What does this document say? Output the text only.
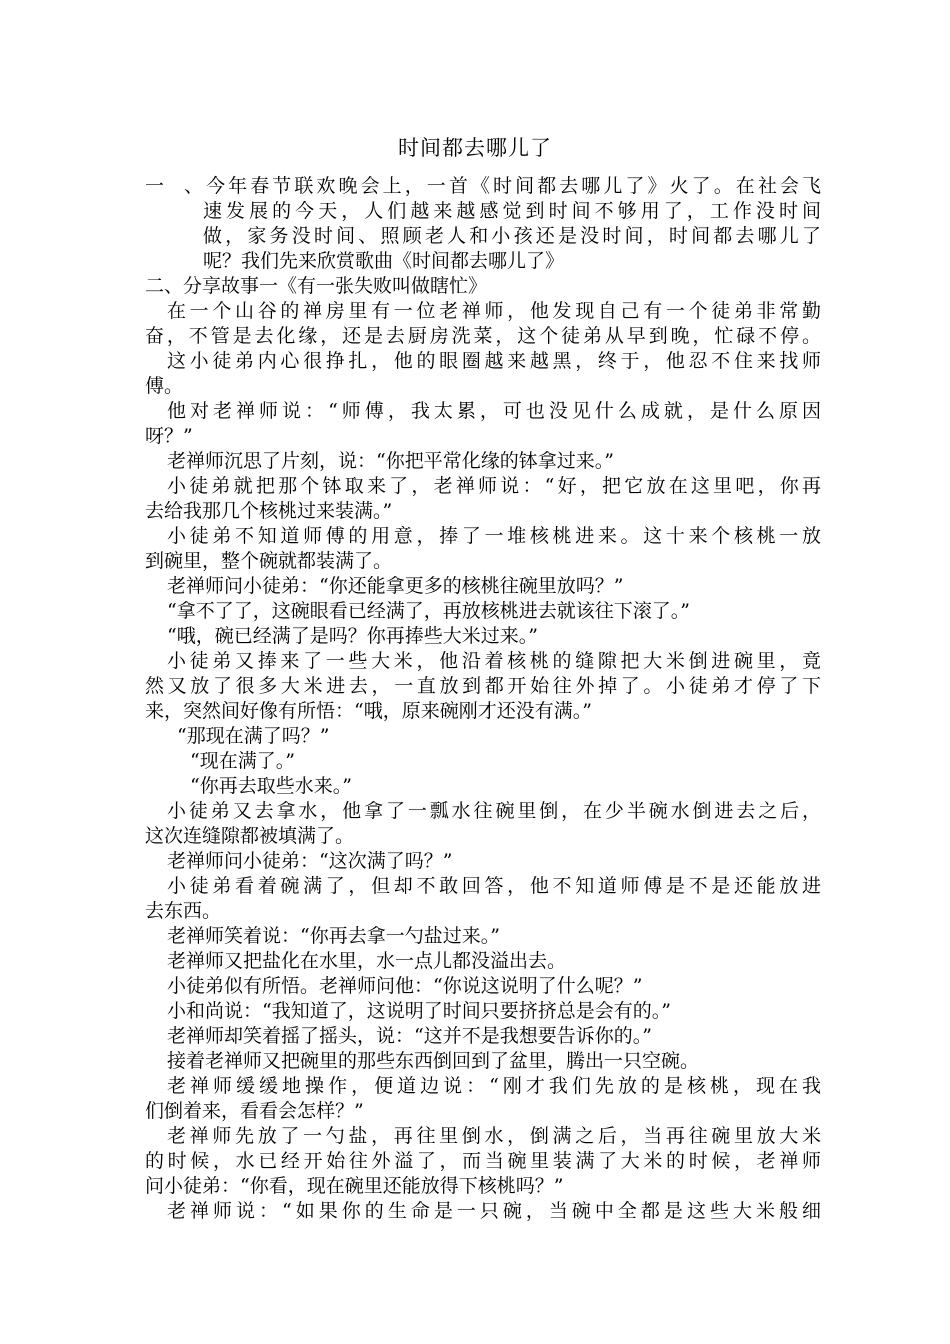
时间都去哪儿了
一、今年春节联欢晚会上，一首《时间都去哪儿了》火了。在社会飞
速发展的今天，人们越来越感觉到时间不够用了，工作没时间
做，家务没时间、照顾老人和小孩还是没时间，时间都去哪儿了
呢？我们先来欣赏歌曲《时间都去哪儿了》
二、分享故事一《有一张失败叫做瞎忙》
在一个山谷的禅房里有一位老禅师，他发现自己有一个徒弟非常勤
奋，不管是去化缘，还是去厨房洗菜，这个徒弟从早到晚，忙碌不停。
这小徒弟内心很挣扎，他的眼圈越来越黑，终于，他忍不住来找师
傅。
他对老禅师说：“师傅，我太累，可也没见什么成就，是什么原因
呀？”
老禅师沉思了片刻，说：“你把平常化缘的钵拿过来。”
小徒弟就把那个钵取来了，老禅师说：“好，把它放在这里吧，你再
去给我那几个核桃过来装满。”
小徒弟不知道师傅的用意，捧了一堆核桃进来。这十来个核桃一放
到碗里，整个碗就都装满了。
老禅师问小徒弟：“你还能拿更多的核桃往碗里放吗？”
“拿不了了，这碗眼看已经满了，再放核桃进去就该往下滚了。”
“哦，碗已经满了是吗？你再捧些大米过来。”
小徒弟又捧来了一些大米，他沿着核桃的缝隙把大米倒进碗里，竟
然又放了很多大米进去，一直放到都开始往外掉了。小徒弟才停了下
来，突然间好像有所悟：“哦，原来碗刚才还没有满。”
“那现在满了吗？”
“现在满了。”
“你再去取些水来。”
小徒弟又去拿水，他拿了一瓢水往碗里倒，在少半碗水倒进去之后，
这次连缝隙都被填满了。
老禅师问小徒弟：“这次满了吗？”
小徒弟看着碗满了，但却不敢回答，他不知道师傅是不是还能放进
去东西。
老禅师笑着说：“你再去拿一勺盐过来。”
老禅师又把盐化在水里，水一点儿都没溢出去。
小徒弟似有所悟。老禅师问他：“你说这说明了什么呢？”
小和尚说：“我知道了，这说明了时间只要挤挤总是会有的。”
老禅师却笑着摇了摇头，说：“这并不是我想要告诉你的。”
接着老禅师又把碗里的那些东西倒回到了盆里，腾出一只空碗。
老禅师缓缓地操作，便道边说：“刚才我们先放的是核桃，现在我
们倒着来，看看会怎样？”
老禅师先放了一勺盐，再往里倒水，倒满之后，当再往碗里放大米
的时候，水已经开始往外溢了，而当碗里装满了大米的时候，老禅师
问小徒弟：“你看，现在碗里还能放得下核桃吗？”
老禅师说：“如果你的生命是一只碗，当碗中全都是这些大米般细
